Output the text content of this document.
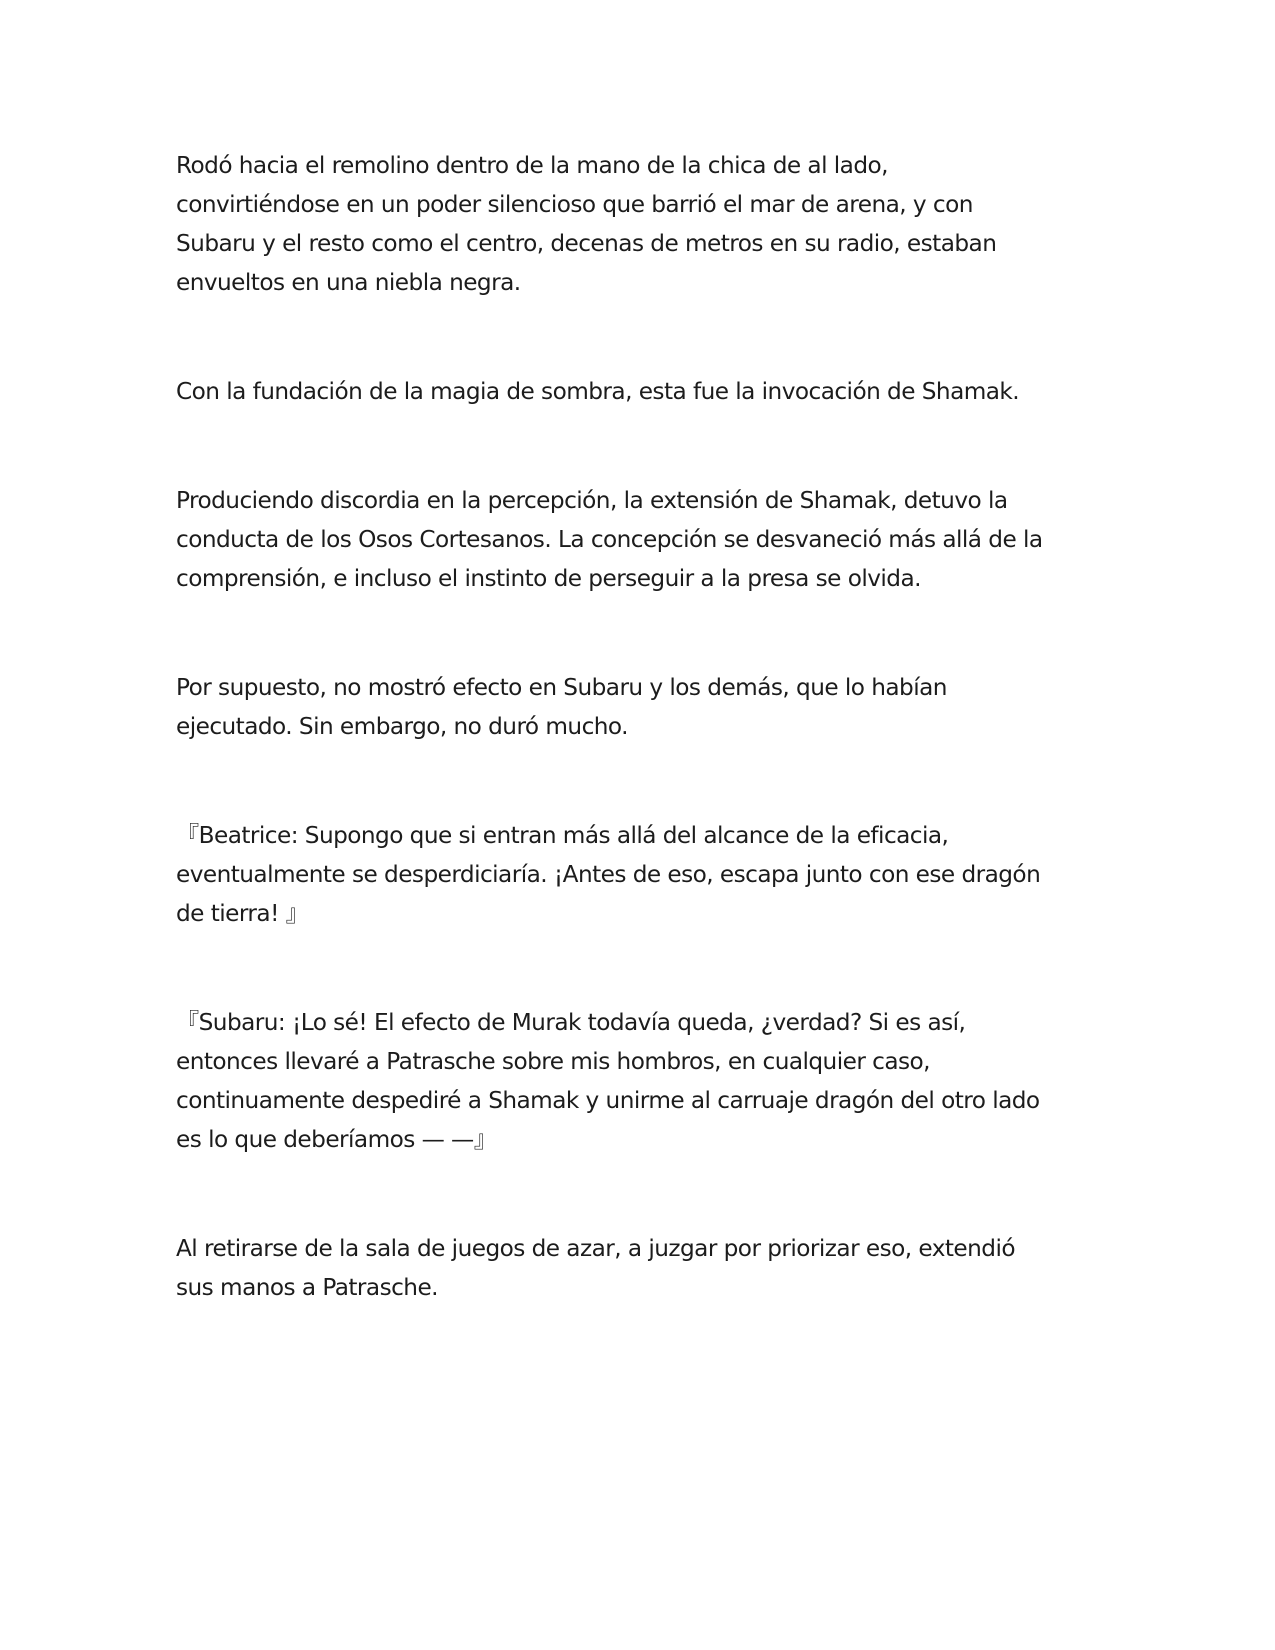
Rodó hacia el remolino dentro de la mano de la chica de al lado,
convirtiéndose en un poder silencioso que barrió el mar de arena, y con
Subaru y el resto como el centro, decenas de metros en su radio, estaban
envueltos en una niebla negra.

Con la fundación de la magia de sombra, esta fue la invocación de Shamak.

Produciendo discordia en la percepción, la extensión de Shamak, detuvo la
conducta de los Osos Cortesanos. La concepción se desvaneció más allá de la
comprensión, e incluso el instinto de perseguir a la presa se olvida.

Por supuesto, no mostró efecto en Subaru y los demás, que lo habían
ejecutado. Sin embargo, no duró mucho.

『Beatrice: Supongo que si entran más allá del alcance de la eficacia,
eventualmente se desperdiciaría. ¡Antes de eso, escapa junto con ese dragón
de tierra! 』

『Subaru: ¡Lo sé! El efecto de Murak todavía queda, ¿verdad? Si es así,
entonces llevaré a Patrasche sobre mis hombros, en cualquier caso,
continuamente despediré a Shamak y unirme al carruaje dragón del otro lado
es lo que deberíamos — —』

Al retirarse de la sala de juegos de azar, a juzgar por priorizar eso, extendió
sus manos a Patrasche.
